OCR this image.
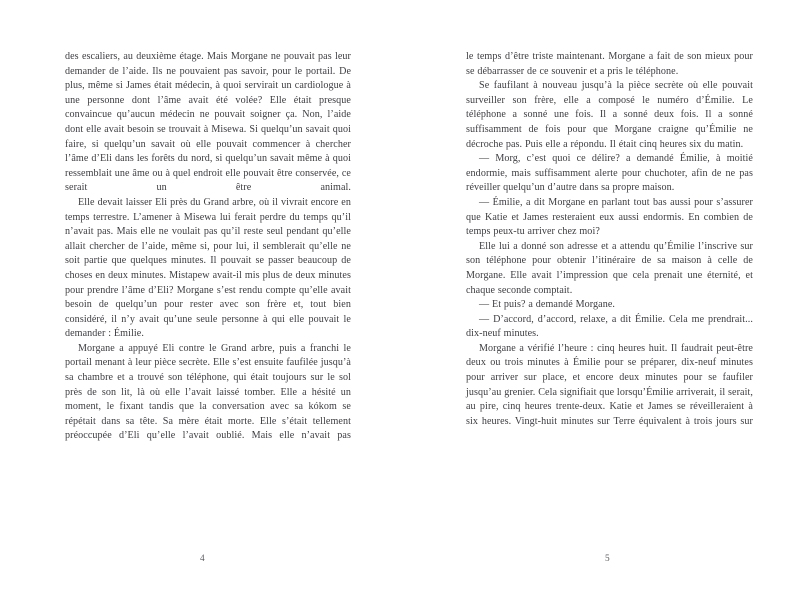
des escaliers, au deuxième étage. Mais Morgane ne pouvait pas leur demander de l’aide. Ils ne pouvaient pas savoir, pour le portail. De plus, même si James était médecin, à quoi servirait un cardiologue à une personne dont l’âme avait été volée? Elle était presque convaincue qu’aucun médecin ne pouvait soigner ça. Non, l’aide dont elle avait besoin se trouvait à Misewa. Si quelqu’un savait quoi faire, si quelqu’un savait où elle pouvait commencer à chercher l’âme d’Eli dans les forêts du nord, si quelqu’un savait même à quoi ressemblait une âme ou à quel endroit elle pouvait être conservée, ce serait un être animal.

Elle devait laisser Eli près du Grand arbre, où il vivrait encore en temps terrestre. L’amener à Misewa lui ferait perdre du temps qu’il n’avait pas. Mais elle ne voulait pas qu’il reste seul pendant qu’elle allait chercher de l’aide, même si, pour lui, il semblerait qu’elle ne soit partie que quelques minutes. Il pouvait se passer beaucoup de choses en deux minutes. Mistapew avait-il mis plus de deux minutes pour prendre l’âme d’Eli? Morgane s’est rendu compte qu’elle avait besoin de quelqu’un pour rester avec son frère et, tout bien considéré, il n’y avait qu’une seule personne à qui elle pouvait le demander : Émilie.

Morgane a appuyé Eli contre le Grand arbre, puis a franchi le portail menant à leur pièce secrète. Elle s’est ensuite faufilée jusqu’à sa chambre et a trouvé son téléphone, qui était toujours sur le sol près de son lit, là où elle l’avait laissé tomber. Elle a hésité un moment, le fixant tandis que la conversation avec sa kókom se répétait dans sa tête. Sa mère était morte. Elle s’était tellement préoccupée d’Eli qu’elle l’avait oublié. Mais elle n’avait pas

4

le temps d’être triste maintenant. Morgane a fait de son mieux pour se débarrasser de ce souvenir et a pris le téléphone.

Se faufilant à nouveau jusqu’à la pièce secrète où elle pouvait surveiller son frère, elle a composé le numéro d’Émilie. Le téléphone a sonné une fois. Il a sonné deux fois. Il a sonné suffisamment de fois pour que Morgane craigne qu’Émilie ne décroche pas. Puis elle a répondu. Il était cinq heures six du matin.

— Morg, c’est quoi ce délire? a demandé Émilie, à moitié endormie, mais suffisamment alerte pour chuchoter, afin de ne pas réveiller quelqu’un d’autre dans sa propre maison.

— Émilie, a dit Morgane en parlant tout bas aussi pour s’assurer que Katie et James resteraient eux aussi endormis. En combien de temps peux-tu arriver chez moi?

Elle lui a donné son adresse et a attendu qu’Émilie l’inscrive sur son téléphone pour obtenir l’itinéraire de sa maison à celle de Morgane. Elle avait l’impression que cela prenait une éternité, et chaque seconde comptait.

— Et puis? a demandé Morgane.

— D’accord, d’accord, relaxe, a dit Émilie. Cela me prendrait... dix-neuf minutes.

Morgane a vérifié l’heure : cinq heures huit. Il faudrait peut-être deux ou trois minutes à Émilie pour se préparer, dix-neuf minutes pour arriver sur place, et encore deux minutes pour se faufiler jusqu’au grenier. Cela signifiait que lorsqu’Émilie arriverait, il serait, au pire, cinq heures trente-deux. Katie et James se réveilleraient à six heures. Vingt-huit minutes sur Terre équivalent à trois jours sur

5
